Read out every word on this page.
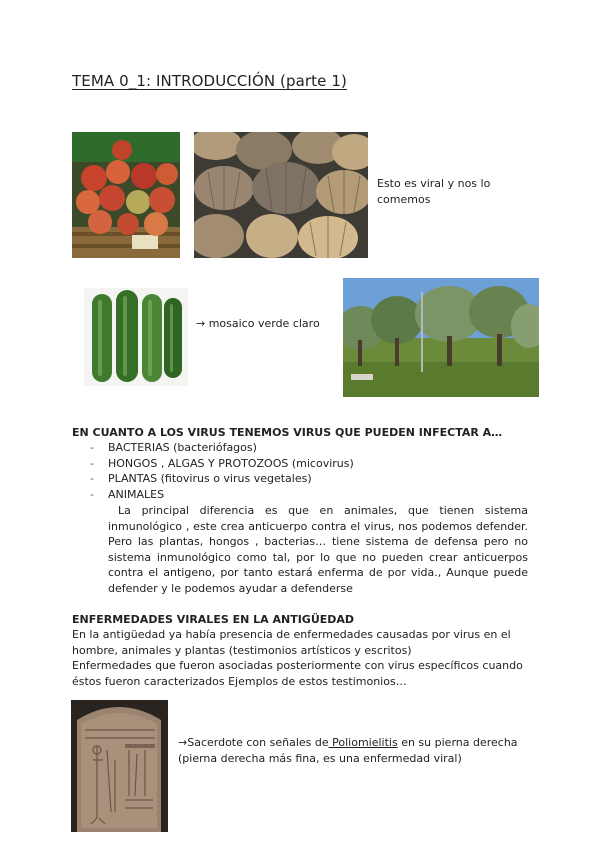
TEMA 0_1: INTRODUCCIÓN (parte 1)
Esto es viral y nos lo comemos
→ mosaico verde claro
EN CUANTO A LOS VIRUS TENEMOS VIRUS QUE PUEDEN INFECTAR A…
- BACTERIAS (bacteriófagos)
- HONGOS , ALGAS Y PROTOZOOS (micovirus)
- PLANTAS (fitovirus o virus vegetales)
- ANIMALES
La principal diferencia es que en animales, que tienen sistema inmunológico , este crea anticuerpo contra el virus, nos podemos defender. Pero las plantas, hongos , bacterias… tiene sistema de defensa pero no sistema inmunológico como tal, por lo que no pueden crear anticuerpos contra el antigeno, por tanto estará enferma de por vida., Aunque puede defender y le podemos ayudar a defenderse
ENFERMEDADES VIRALES EN LA ANTIGÜEDAD
En la antigüedad ya había presencia de enfermedades causadas por virus en el hombre, animales y plantas (testimonios artísticos y escritos)
Enfermedades que fueron asociadas posteriormente con virus específicos cuando éstos fueron caracterizados Ejemplos de estos testimonios…
→Sacerdote con señales de Poliomielitis en su pierna derecha (pierna derecha más fina, es una enfermedad viral)
